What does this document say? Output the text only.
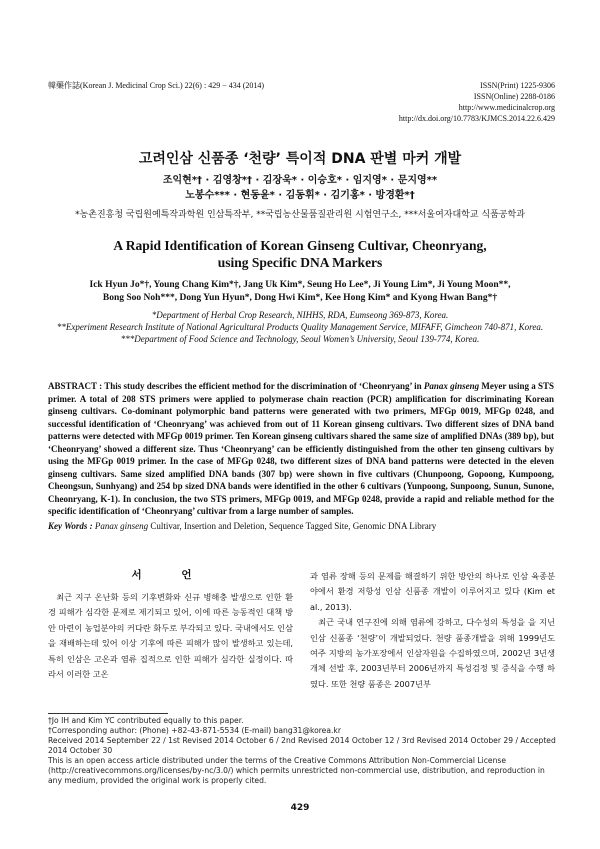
韓藥作誌(Korean J. Medicinal Crop Sci.) 22(6) : 429 − 434 (2014)	ISSN(Print) 1225-9306
ISSN(Online) 2288-0186
http://www.medicinalcrop.org
http://dx.doi.org/10.7783/KJMCS.2014.22.6.429
고려인삼 신품종 ‘천량’ 특이적 DNA 판별 마커 개발
조익현*† · 김영창*† · 김장욱* · 이승호* · 임지영* · 문지영**
노봉수*** · 현동윤* · 김동휘* · 김기홍* · 방경환*†
*농촌진흥청 국립원예특작과학원 인삼특작부, **국립농산물품질관리원 시험연구소, ***서울여자대학교 식품공학과
A Rapid Identification of Korean Ginseng Cultivar, Cheonryang,
using Specific DNA Markers
Ick Hyun Jo*†, Young Chang Kim*†, Jang Uk Kim*, Seung Ho Lee*, Ji Young Lim*, Ji Young Moon**,
Bong Soo Noh***, Dong Yun Hyun*, Dong Hwi Kim*, Kee Hong Kim* and Kyong Hwan Bang*†
*Department of Herbal Crop Research, NIHHS, RDA, Eumseong 369-873, Korea.
**Experiment Research Institute of National Agricultural Products Quality Management Service, MIFAFF, Gimcheon 740-871, Korea.
***Department of Food Science and Technology, Seoul Women’s University, Seoul 139-774, Korea.

ABSTRACT : This study describes the efficient method for the discrimination of ‘Cheonryang’ in Panax ginseng Meyer using a STS primer. A total of 208 STS primers were applied to polymerase chain reaction (PCR) amplification for discriminating Korean ginseng cultivars. Co-dominant polymorphic band patterns were generated with two primers, MFGp 0019, MFGp 0248, and successful identification of ‘Cheonryang’ was achieved from out of 11 Korean ginseng cultivars. Two different sizes of DNA band patterns were detected with MFGp 0019 primer. Ten Korean ginseng cultivars shared the same size of amplified DNAs (389 bp), but ‘Cheonryang’ showed a different size. Thus ‘Cheonryang’ can be efficiently distinguished from the other ten ginseng cultivars by using the MFGp 0019 primer. In the case of MFGp 0248, two different sizes of DNA band patterns were detected in the eleven ginseng cultivars. Same sized amplified DNA bands (307 bp) were shown in five cultivars (Chunpoong, Gopoong, Kumpoong, Cheongsun, Sunhyang) and 254 bp sized DNA bands were identified in the other 6 cultivars (Yunpoong, Sunpoong, Sunun, Sunone, Cheonryang, K-1). In conclusion, the two STS primers, MFGp 0019, and MFGp 0248, provide a rapid and reliable method for the specific identification of ‘Cheonryang’ cultivar from a large number of samples.

Key Words : Panax ginseng Cultivar, Insertion and Deletion, Sequence Tagged Site, Genomic DNA Library

서 언

최근 지구 온난화 등의 기후변화와 신규 병해충 발생으로 인한 환경 피해가 심각한 문제로 제기되고 있어, 이에 따른 능동적인 대책 방안 마련이 농업분야의 커다란 화두로 부각되고 있다. 국내에서도 인삼을 재배하는데 있어 이상 기후에 따른 피해가 많이 발생하고 있는데, 특히 인삼은 고온과 염류 집적으로 인한 피해가 심각한 실정이다. 따라서 이러한 고온

과 염류 장해 등의 문제를 해결하기 위한 방안의 하나로 인삼 육종분야에서 환경 저항성 인삼 신품종 개발이 이루어지고 있다 (Kim et al., 2013).

최근 국내 연구진에 의해 염류에 강하고, 다수성의 특성을 을 지닌 인삼 신품종 ‘천량’이 개발되었다. 천량 품종개발을 위해 1999년도 여주 지방의 농가포장에서 인삼자원을 수집하였으며, 2002년 3년생 개체 선발 후, 2003년부터 2006년까지 특성검정 및 증식을 수행 하였다. 또한 천량 품종은 2007년부

†Jo IH and Kim YC contributed equally to this paper.
†Corresponding author: (Phone) +82-43-871-5534 (E-mail) bang31@korea.kr
Received 2014 September 22 / 1st Revised 2014 October 6 / 2nd Revised 2014 October 12 / 3rd Revised 2014 October 29 / Accepted 2014 October 30
This is an open access article distributed under the terms of the Creative Commons Attribution Non-Commercial License (http://creativecommons.org/licenses/by-nc/3.0/) which permits unrestricted non-commercial use, distribution, and reproduction in any medium, provided the original work is properly cited.
429
